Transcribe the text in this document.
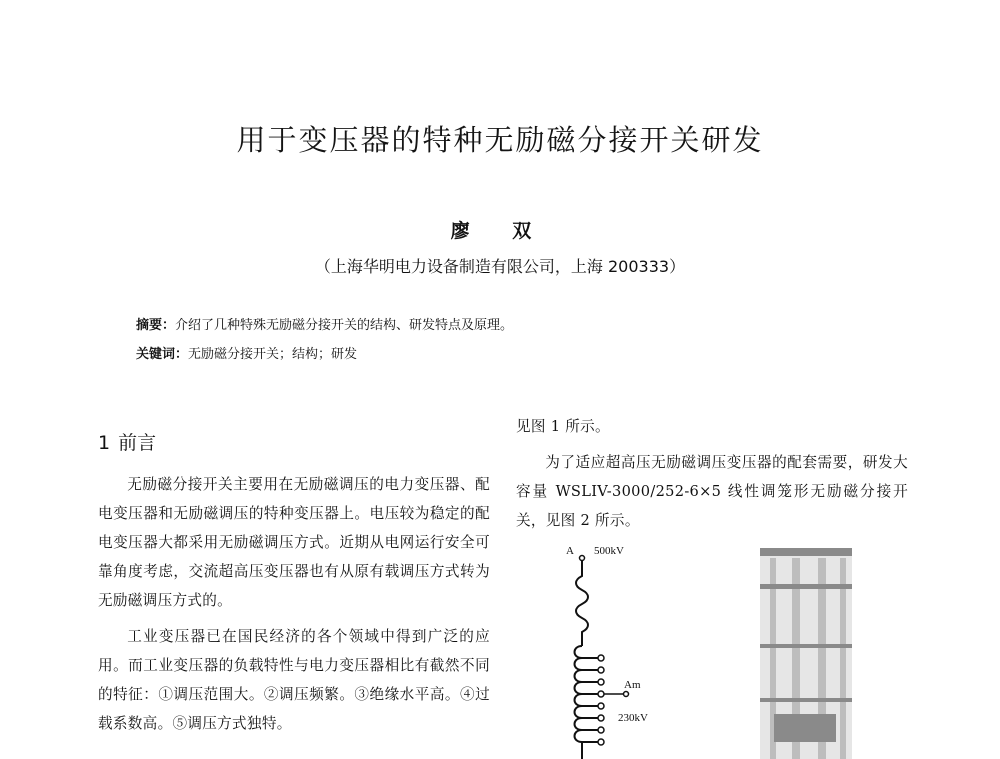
用于变压器的特种无励磁分接开关研发
廖 双
（上海华明电力设备制造有限公司，上海 200333）
摘要：介绍了几种特殊无励磁分接开关的结构、研发特点及原理。
关键词：无励磁分接开关；结构；研发
1 前言

无励磁分接开关主要用在无励磁调压的电力变压器、配电变压器和无励磁调压的特种变压器上。电压较为稳定的配电变压器大都采用无励磁调压方式。近期从电网运行安全可靠角度考虑，交流超高压变压器也有从原有载调压方式转为无励磁调压方式的。

工业变压器已在国民经济的各个领域中得到广泛的应用。而工业变压器的负载特性与电力变压器相比有截然不同的特征：①调压范围大。②调压频繁。③绝缘水平高。④过载系数高。⑤调压方式独特。

见图 1 所示。

为了适应超高压无励磁调压变压器的配套需要，研发大容量 WSLIV-3000/252-6×5 线性调笼形无励磁分接开关，见图 2 所示。

A 500kV
Am
230kV
